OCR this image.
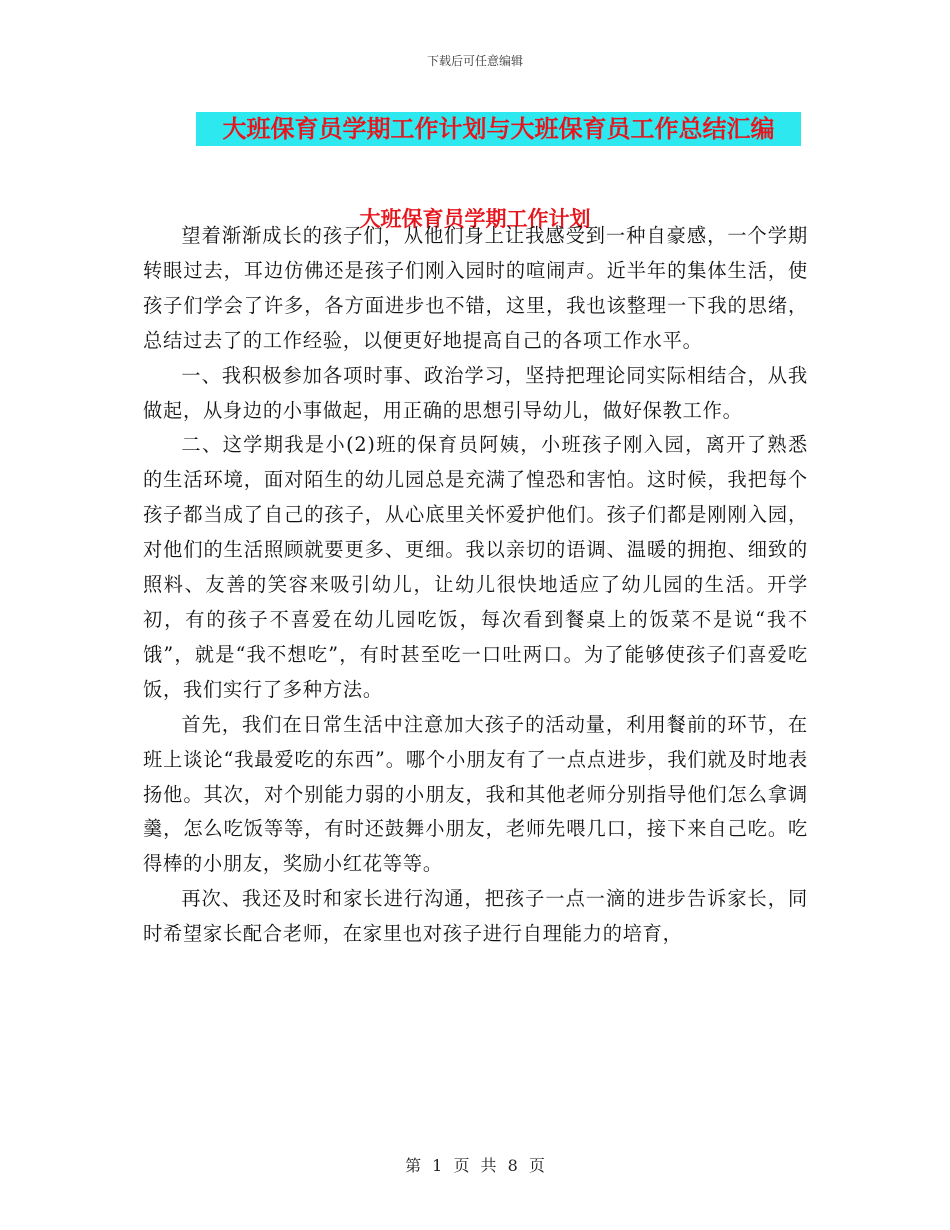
下载后可任意编辑
大班保育员学期工作计划与大班保育员工作总结汇编
大班保育员学期工作计划

望着渐渐成长的孩子们，从他们身上让我感受到一种自豪感，一个学期转眼过去，耳边仿佛还是孩子们刚入园时的喧闹声。近半年的集体生活，使孩子们学会了许多，各方面进步也不错，这里，我也该整理一下我的思绪，总结过去了的工作经验，以便更好地提高自己的各项工作水平。

一、我积极参加各项时事、政治学习，坚持把理论同实际相结合，从我做起，从身边的小事做起，用正确的思想引导幼儿，做好保教工作。

二、这学期我是小(2)班的保育员阿姨，小班孩子刚入园，离开了熟悉的生活环境，面对陌生的幼儿园总是充满了惶恐和害怕。这时候，我把每个孩子都当成了自己的孩子，从心底里关怀爱护他们。孩子们都是刚刚入园，对他们的生活照顾就要更多、更细。我以亲切的语调、温暖的拥抱、细致的照料、友善的笑容来吸引幼儿，让幼儿很快地适应了幼儿园的生活。开学初，有的孩子不喜爱在幼儿园吃饭，每次看到餐桌上的饭菜不是说“我不饿”，就是“我不想吃”，有时甚至吃一口吐两口。为了能够使孩子们喜爱吃饭，我们实行了多种方法。

首先，我们在日常生活中注意加大孩子的活动量，利用餐前的环节，在班上谈论“我最爱吃的东西”。哪个小朋友有了一点点进步，我们就及时地表扬他。其次，对个别能力弱的小朋友，我和其他老师分别指导他们怎么拿调羹，怎么吃饭等等，有时还鼓舞小朋友，老师先喂几口，接下来自己吃。吃得棒的小朋友，奖励小红花等等。

再次、我还及时和家长进行沟通，把孩子一点一滴的进步告诉家长，同时希望家长配合老师，在家里也对孩子进行自理能力的培育，

第 1 页 共 8 页
